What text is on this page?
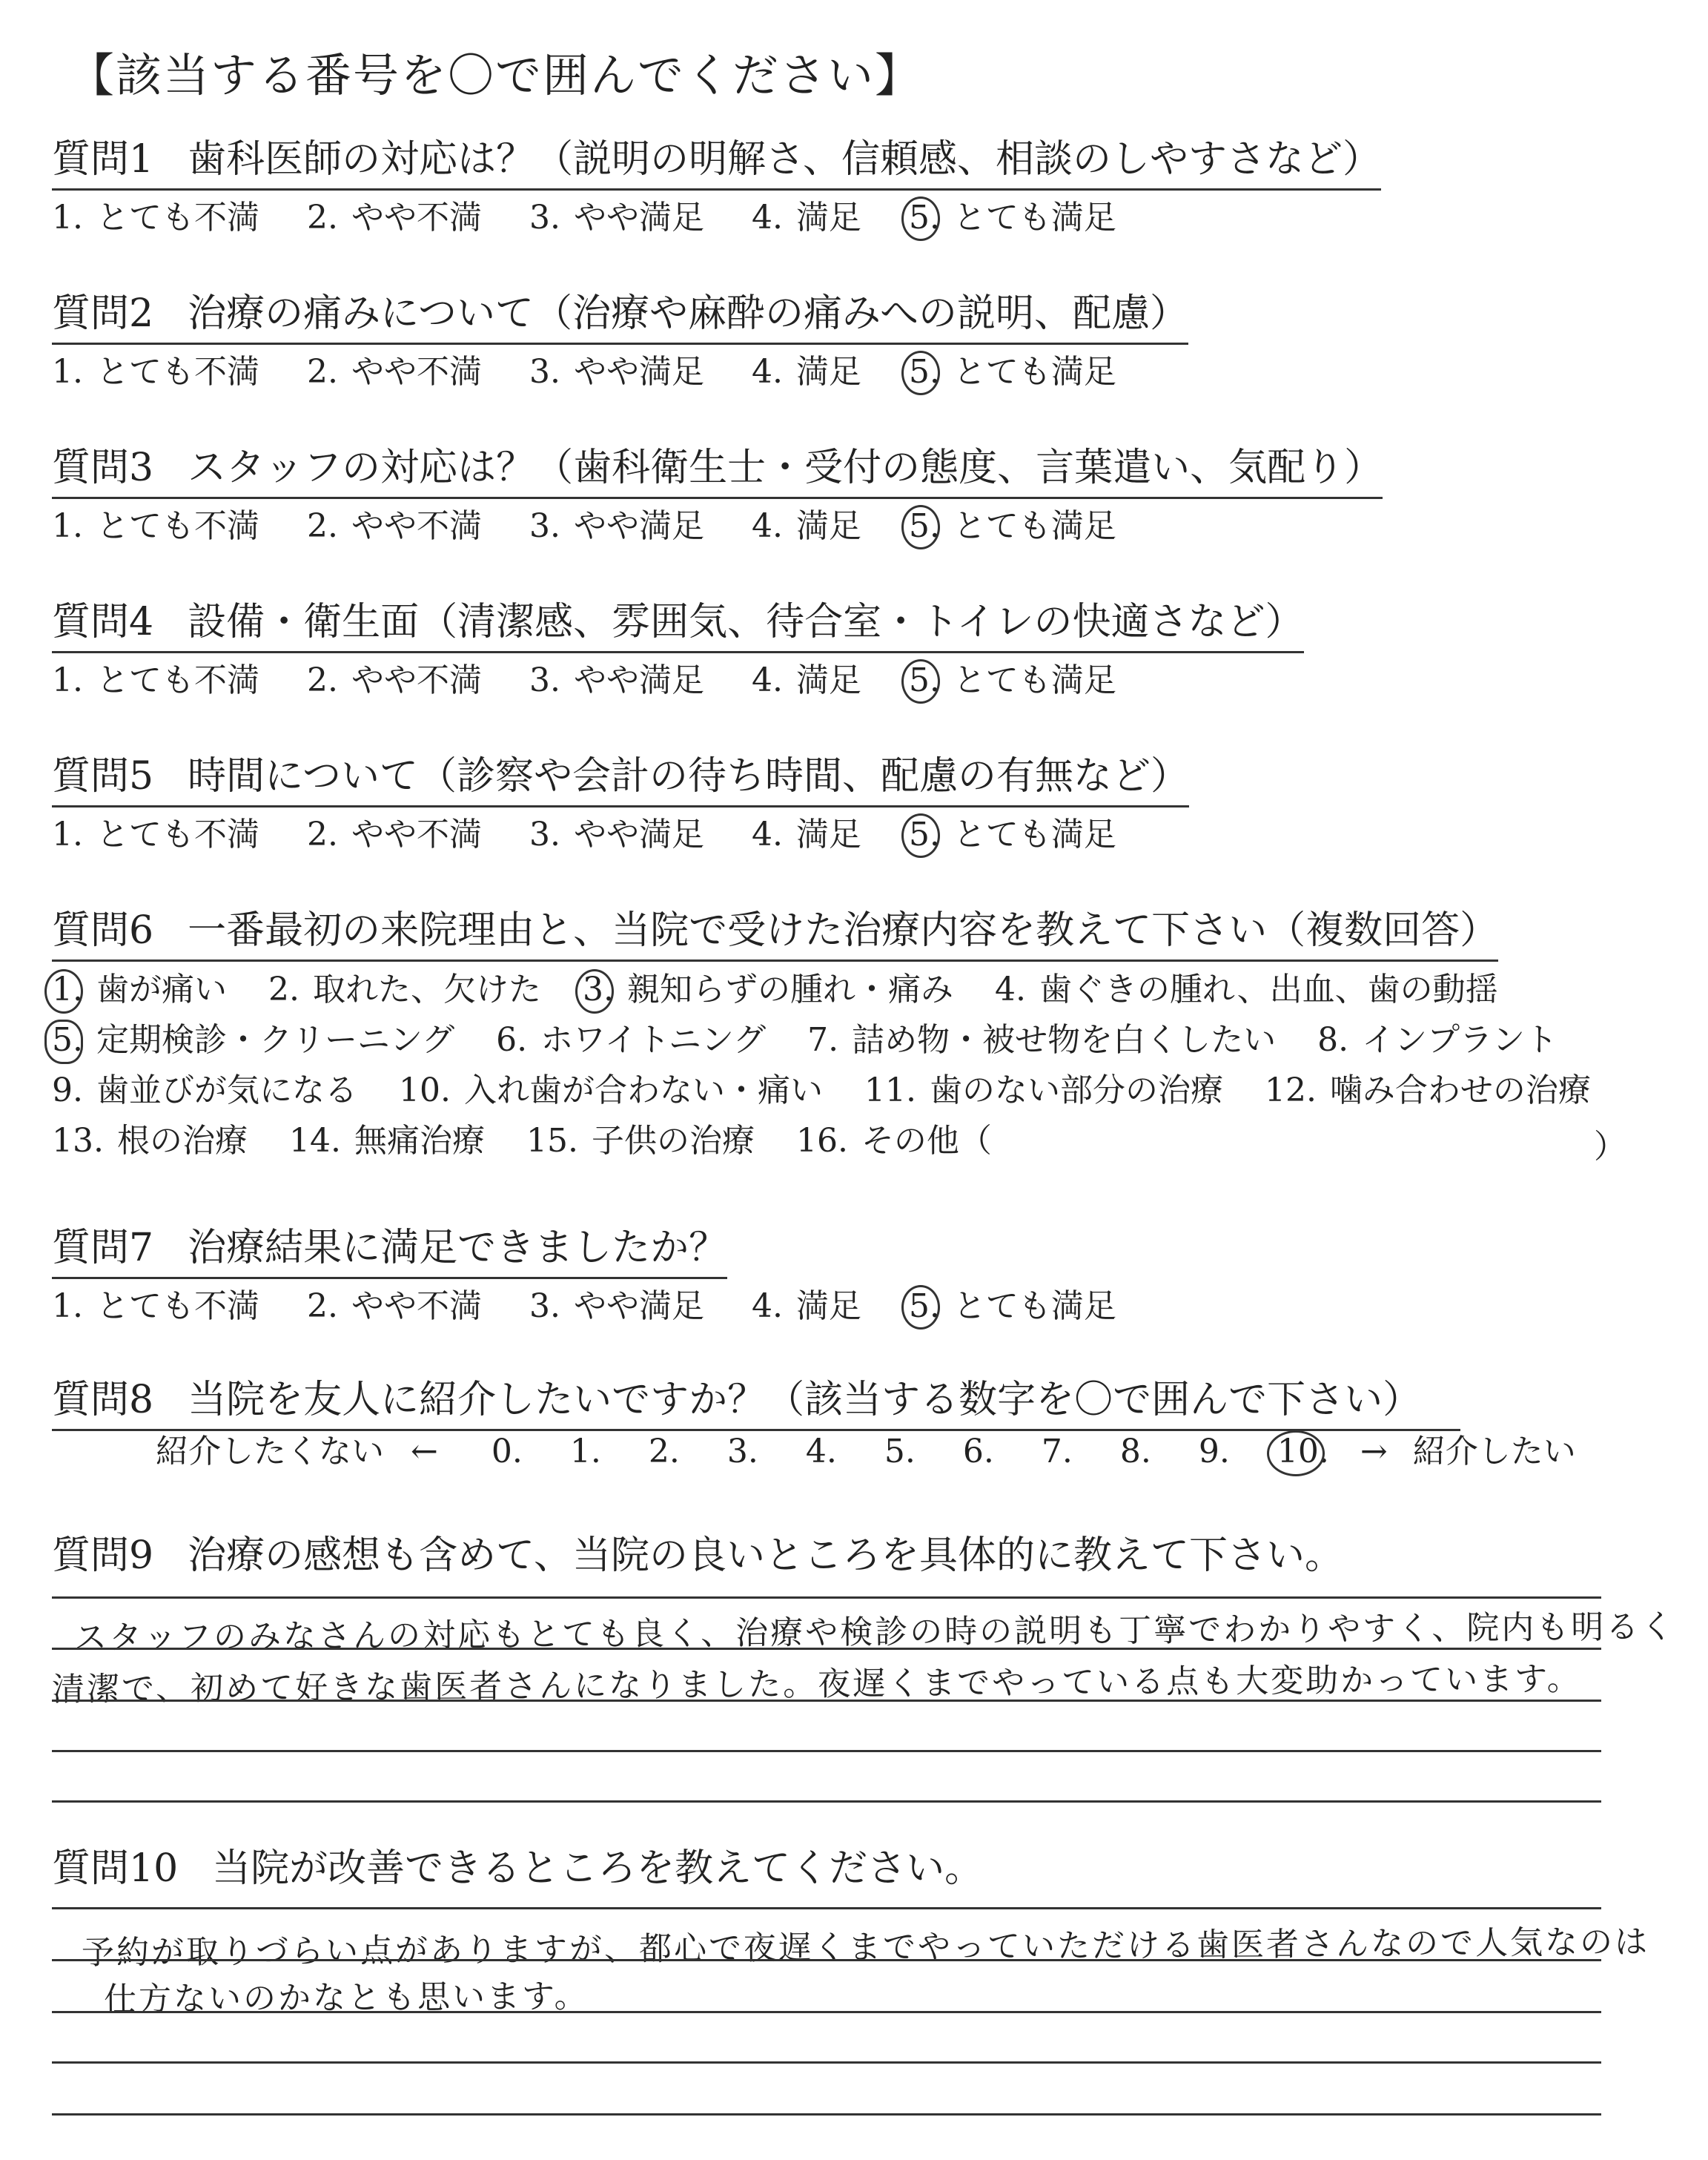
【該当する番号を〇で囲んでください】
質問1 歯科医師の対応は？（説明の明解さ、信頼感、相談のしやすさなど）
1. とても不満 2. やや不満 3. やや満足 4. 満足 5. とても満足
質問2 治療の痛みについて（治療や麻酔の痛みへの説明、配慮）
1. とても不満 2. やや不満 3. やや満足 4. 満足 5. とても満足
質問3 スタッフの対応は？（歯科衛生士・受付の態度、言葉遣い、気配り）
1. とても不満 2. やや不満 3. やや満足 4. 満足 5. とても満足
質問4 設備・衛生面（清潔感、雰囲気、待合室・トイレの快適さなど）
1. とても不満 2. やや不満 3. やや満足 4. 満足 5. とても満足
質問5 時間について（診察や会計の待ち時間、配慮の有無など）
1. とても不満 2. やや不満 3. やや満足 4. 満足 5. とても満足
質問6 一番最初の来院理由と、当院で受けた治療内容を教えて下さい（複数回答）
1. 歯が痛い 2. 取れた、欠けた 3. 親知らずの腫れ・痛み 4. 歯ぐきの腫れ、出血、歯の動揺
5. 定期検診・クリーニング 6. ホワイトニング 7. 詰め物・被せ物を白くしたい 8. インプラント
9. 歯並びが気になる 10. 入れ歯が合わない・痛い 11. 歯のない部分の治療 12. 噛み合わせの治療
13. 根の治療 14. 無痛治療 15. 子供の治療 16. その他（	）
質問7 治療結果に満足できましたか？
1. とても不満 2. やや不満 3. やや満足 4. 満足 5. とても満足
質問8 当院を友人に紹介したいですか？（該当する数字を〇で囲んで下さい）
紹介したくない ← 0. 1. 2. 3. 4. 5. 6. 7. 8. 9. 10. → 紹介したい
質問9 治療の感想も含めて、当院の良いところを具体的に教えて下さい。
スタッフのみなさんの対応もとても良く、治療や検診の時の説明も丁寧でわかりやすく、院内も明るく
清潔で、初めて好きな歯医者さんになりました。夜遅くまでやっている点も大変助かっています。
質問10 当院が改善できるところを教えてください。
予約が取りづらい点がありますが、都心で夜遅くまでやっていただける歯医者さんなので人気なのは
仕方ないのかなとも思います。
